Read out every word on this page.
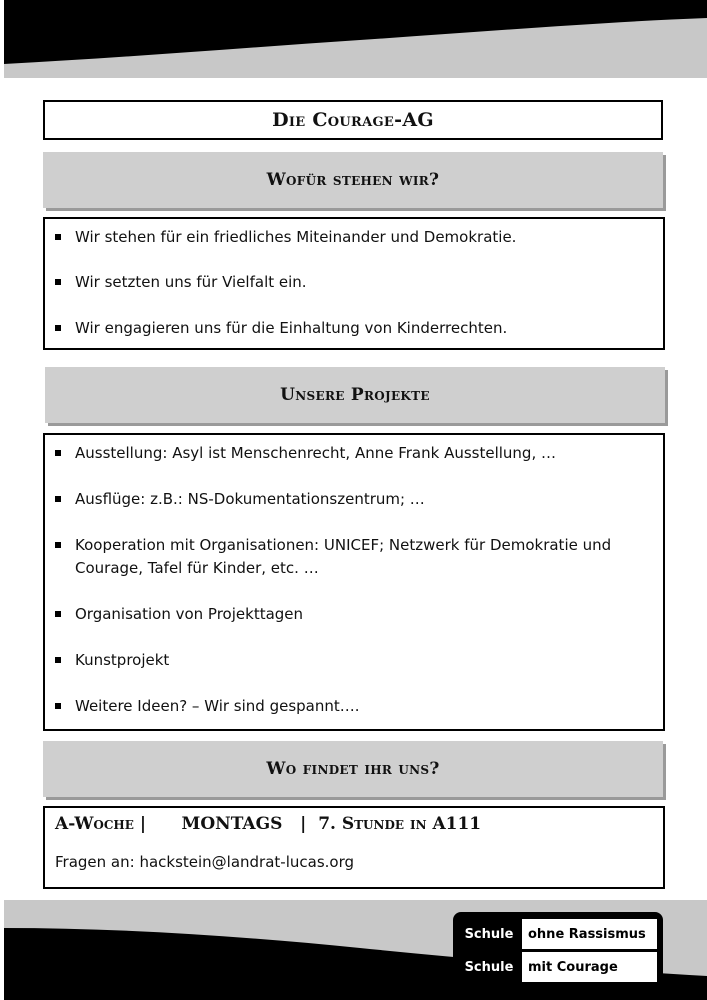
Die Courage-AG
Wofür stehen wir?
Wir stehen für ein friedliches Miteinander und Demokratie.
Wir setzten uns für Vielfalt ein.
Wir engagieren uns für die Einhaltung von Kinderrechten.
Unsere Projekte
Ausstellung: Asyl ist Menschenrecht, Anne Frank Ausstellung, …
Ausflüge: z.B.: NS-Dokumentationszentrum; …
Kooperation mit Organisationen: UNICEF; Netzwerk für Demokratie und Courage, Tafel für Kinder, etc. …
Organisation von Projekttagen
Kunstprojekt
Weitere Ideen? – Wir sind gespannt….
Wo findet ihr uns?
A-Woche |      MONTAGS   |  7. Stunde in A111
Fragen an: hackstein@landrat-lucas.org
Schule	ohne Rassismus
Schule	mit Courage
